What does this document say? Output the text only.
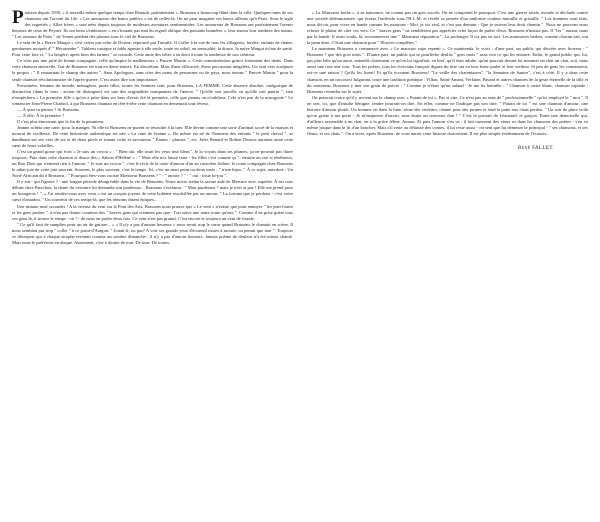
Parisien depuis 1939, « il travailla même quelque temps chez Renault, parfaitement ». Brassens a beaucoup flâné dans la ville. Quelques-unes de ses chansons ont l'accent du 14e. « Les amoureux des bancs publics » est de celles-là. On ne peut imaginer ces bancs ailleurs qu'à Paris. Sous le sigle des regrettés « Allez frères » sont nées depuis toujours de modestes aventures sentimentales. Les amoureux de Brassens ont parfaitement l'avenir heureux de ceux de Peynet. Ils ont beau s'embrasser « en s'foutant pas mal du regard oblique des passants honnêtes », leur amour leur tombera des mains. " Les oiseaux de Paris " de Trenet perdent des plumes sous le ciel de Brassens.

Le sein de la « Brave Margot » s'est certes pas celui de Dorine, réprouvé par Tartuffe. Il s'offre à la vue de tous les villageois, facétie, enfants de chœur, gendarmes moqués d' " Hécatombe ". Tableau rustique et fable agreste à elle seule, toute en soleil, en sensualité, la douce, la naïve Margot éclate de santé. Pour cette fois-ci, " La bergère, après bien des larmes " se console. Cette amie des bêtes a eu droit à toute la tendresse de son créateur.

Ce n'est pas une pitié de bonne compagnie, celle qu'inspire le malheureux « Pauvre Martin ». Cette commisération grince fortement des dents. Dans cette chanson enterrelle, l'art de Brassens est tout en demi-teintes. En discrétion. Mais d'une efficacité, d'une percussion inégalées. Un seul vers sculpture le propos : " Il renournait le champ des autres ". Sans Apologues, sans citer des noms de personnes ou de pays, nous tenons " Pauvre Martin " pour la seule chanson révolutionnaire de l'après-guerre. C'est assez dire son importance.

Prostituées, femmes du monde, ménagères, putes filles, toutes les femmes sont, pour Brassens, LA FEMME. Cette absence absolue, catégorique de distinction (dans le sens : action de distinguer) est une des originalités marquantes de l'œuvre. " Qu'elle soit pucelle ou qu'elle soit putain ", rien n'empêchera « La première fille » qu'on a prise dans ses bras d'avoir été la première, celle que jamais on n'oubliera. Cela n'est pas de la misogynie ! Le romancier Jean-Pierre Chabrol, à qui Brassens chantait en tête-à-tête cette chanson en demeurait tout rêveur.

— À quoi tu penses ? fit Brassens.

— À elle. À la première ?

Il c'est plus émouvant que la fin de la pesanteur.

Jeanne achèta une cane, pour la manger. Ni elle ni Brassens ne purent se résoudre à la tuer. Elle devint comme une sorte d'animal sacré de la maison et mourut de vieillesse. De cette historiette authentique est née « La cane de Jeanne ». De même est né de l'honneur des enfants " le petit cheval ", se dandinant sur ses vers de six et de deux pieds et rimant riche et savoureux " Éames - plumes ", etc. Jules Renard et Robert Desnos auraient aimé cette sœur de leurs volailles.

C'est un grand gosse qui écrit « Je suis un voyou » : " Bien sûr, elle avait les yeux tout bleus". Je la voyais dans ses plumes, ça ne pouvait pas durer toujours. Puis dans cette chanson si douce des « Sabots d'Hélène » : " Mais elle m'a laissé faire - les filles c'est comme ça "; ensuite un rire si ténébreux, un Bon Dieu qui n'entend rien à l'amour. " Je suis un voyou ", c'est le récit de la carte d'amour d'un au caractère folâtre, le conte compagne chez Brassens le rabat-joie de cette joie sauvent. Souvent, le plus souvent, c'est le temps. Ici, c'est un mari peint ou deux mots : " triste bijou ". À ce sujet, anecdote : Un Nord-Africain dit à Brassens : " Pourquoi êtes-vous raciste Monsieur Brassens ? " - " raciste ? " - " oui : triste bi-jou ".

Il y eut - qui l'ignore ? - une longue période désagréable dans la vie de Brassens. Notre micro traîna la savate aide de Mercure avec superbe. À ses tous débuts chez Patachou, la dame du vestiaire lui demanda son pardessus... Brassens s'exclama : " Mon pardessus ? mais je n'en ai pas ! Elle me prend pour un bourgeois ! ". « J'ai rendez-vous avec vous » est un croquis joyeux de cette bohème essoleillée par un amour. " La fortune que je perdrais - c'est votre cœur d'amadou. " Un souvenir de ces temps-là, que les témoins disent épiques...

Une minute neuf secondes ! A la viteuse du vent sur le Pont des Arts, Brassens nous prouve que « Le vent » n'existe que pour ennuyer " les jean-foutre et les gens probes ", à n'en pas douter coureurs des " braves gens qui n'aiment pas que - l'on suive une autre route qu'eux ". Comme il ne prise guère tous ces gens là, il trouve le temps - où ? - de nous en parler deux fois. Ce vent n'est pas gratuit. C'est encore et toujours un vent de fronde.

" Ce qu'il faut de samplies pour un air de guitare... » « Il n'y a pas d'amour heureux » nous serait trop le cœur quand Brassens le chantait en scène. Il nous semblait par trop " collet " à ce point-d'Aragon. " Jouait-il, ou pas? A voir ses grands yeux d'écureuil tristes à mourir, on penuit que non ". Toujours ce désespoir qui à chaque strophe revenait comme un sombre dimanche : il n'y a pas d'amour heureux. Jamais poème de douleur n'a été mieux chanté. Mais nous le préférons en disque. Autrement, c'est à douter de tout. De tous. De toutes.

« La Mauvaise herbe », à sa naissance, ne connut pas un gros succès. On ne comprend le pourquoi. C'est une guerre totale, avouée et déclarée contre une société déshumanisée, qui écrase l'individu sous l'H.L.M. et révèle sa pensée d'un unilorme couleur muraille et grisaille. " Les hommes sont faits, nous dit-on, pour vivre en bande comme les moutons - Moi, je vis seul, et c'est pas demain - Que je suivrai leur droit chemin ". Nous ne pouvons nous refuser le plaisir de citer ces vers. Ce " braves gens " ne semblèrent pas apprécier cette façon de parler d'eux. Brassens n'insista pas. Il "les " auraut, mais par la bande. Il avait voulu, là, recommencer une " Mauvaise réputation ". La prolonger. Il n'a pas eu tort. Les mauvaises herbes, comme chacun sait, ont la peau dure. C'était une chanson pour " Œuvres complètes ".

Le maintenu Brassens a commencé avec « Le mauvais sujet repenti ». Ce maintenda, le voici : d'une part, un public qui décrète avec horreur : " Brassens ? que des gros mots ". D'autre part, un public qui se pourlèche deulits " gros mots " sans voir ce qui les entoure. Enfin, le grand public qui, lui, pas plus bête qu'un autre, entendit clairement ce qu'on lui signifiait, en bref, qu'il était adulte, qu'on pouvait devant lui nommer un chat un chat, soit, mais aussi une rose une rose. Tous les poètes, tous les écrivains français dignes du titre ont eu leur franc-parler et leur verdeur. Si peu de gens les connaissent, est-ce une raison ? Qu'ils les lisent! Et qu'ils écoutent Brassens! "La veille des charentaises", "la Semaine de Sautre", c'est à côté. Il y a dans cette chanson, en un raccourci fulgurant, toute une tradition poétique : Villon, Saint-Amant, Verlaine, Bruant et autres chantres de la geste éternelle de la fille et du souteneur. Brassens y met son grain de poivre : " Comme je n'étais qu'un salaud - Je me fis honnête... " Chanson à carité blanc, chanson capitale : Brassens revendra sur le sujet.

On pourrait croire qu'il y revient sur le champ avec « Putain de toi ». Pas si vite. Ce n'est pas au sens de " professionnelle " qu'ici employé le " mot ". Il ne sert, ici, que d'insulte bénigne, tendre pourrait-on dire. En effet, comme ne l'indique pas son titre, " Putain de toi " est une chanson d'amour, une histoire d'amour plutôt. Un homme vit dans la lune, sème des violettes, chante pour des prunes et tend la patte aux chats perdus. " Un soir de pluie voilà qu'on gratte à ma porte - Je m'empresse d'ouvrir, sans doute un nouveau chat ! " C'est la portrait de Léautaud, et garçon. Entre une demoiselle qui, d'ailleurs ressemble à un chat, en a la grâce féline. Amour. Et puis l'amour s'en va - il fait rarement des vieux os dans les chansons des poètes - s'en va même jusque dans le lit d'un boucher. Mais s'il reste au délaissé des cornes, il lui reste aussi - on sent que lui demeure le principal - " ses chansons, et ses fleurs, et ses chats ". On a ervie, après Brassens, de vous narrer cette histoire doucement. Il est plus simple évidemment de l'écouter...

René FALLET.
